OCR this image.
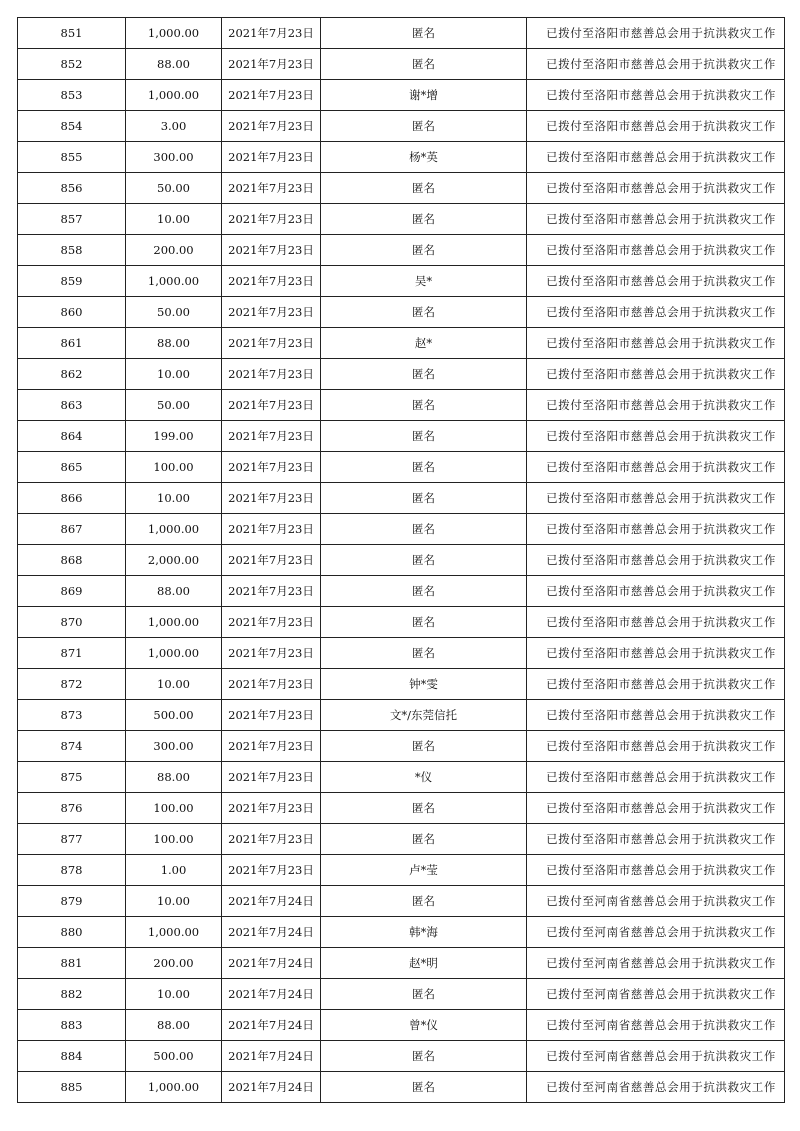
851	1,000.00	2021年7月23日	匿名	已拨付至洛阳市慈善总会用于抗洪救灾工作
852	88.00	2021年7月23日	匿名	已拨付至洛阳市慈善总会用于抗洪救灾工作
853	1,000.00	2021年7月23日	谢*增	已拨付至洛阳市慈善总会用于抗洪救灾工作
854	3.00	2021年7月23日	匿名	已拨付至洛阳市慈善总会用于抗洪救灾工作
855	300.00	2021年7月23日	杨*英	已拨付至洛阳市慈善总会用于抗洪救灾工作
856	50.00	2021年7月23日	匿名	已拨付至洛阳市慈善总会用于抗洪救灾工作
857	10.00	2021年7月23日	匿名	已拨付至洛阳市慈善总会用于抗洪救灾工作
858	200.00	2021年7月23日	匿名	已拨付至洛阳市慈善总会用于抗洪救灾工作
859	1,000.00	2021年7月23日	吴*	已拨付至洛阳市慈善总会用于抗洪救灾工作
860	50.00	2021年7月23日	匿名	已拨付至洛阳市慈善总会用于抗洪救灾工作
861	88.00	2021年7月23日	赵*	已拨付至洛阳市慈善总会用于抗洪救灾工作
862	10.00	2021年7月23日	匿名	已拨付至洛阳市慈善总会用于抗洪救灾工作
863	50.00	2021年7月23日	匿名	已拨付至洛阳市慈善总会用于抗洪救灾工作
864	199.00	2021年7月23日	匿名	已拨付至洛阳市慈善总会用于抗洪救灾工作
865	100.00	2021年7月23日	匿名	已拨付至洛阳市慈善总会用于抗洪救灾工作
866	10.00	2021年7月23日	匿名	已拨付至洛阳市慈善总会用于抗洪救灾工作
867	1,000.00	2021年7月23日	匿名	已拨付至洛阳市慈善总会用于抗洪救灾工作
868	2,000.00	2021年7月23日	匿名	已拨付至洛阳市慈善总会用于抗洪救灾工作
869	88.00	2021年7月23日	匿名	已拨付至洛阳市慈善总会用于抗洪救灾工作
870	1,000.00	2021年7月23日	匿名	已拨付至洛阳市慈善总会用于抗洪救灾工作
871	1,000.00	2021年7月23日	匿名	已拨付至洛阳市慈善总会用于抗洪救灾工作
872	10.00	2021年7月23日	钟*雯	已拨付至洛阳市慈善总会用于抗洪救灾工作
873	500.00	2021年7月23日	文*/东莞信托	已拨付至洛阳市慈善总会用于抗洪救灾工作
874	300.00	2021年7月23日	匿名	已拨付至洛阳市慈善总会用于抗洪救灾工作
875	88.00	2021年7月23日	*仪	已拨付至洛阳市慈善总会用于抗洪救灾工作
876	100.00	2021年7月23日	匿名	已拨付至洛阳市慈善总会用于抗洪救灾工作
877	100.00	2021年7月23日	匿名	已拨付至洛阳市慈善总会用于抗洪救灾工作
878	1.00	2021年7月23日	卢*莹	已拨付至洛阳市慈善总会用于抗洪救灾工作
879	10.00	2021年7月24日	匿名	已拨付至河南省慈善总会用于抗洪救灾工作
880	1,000.00	2021年7月24日	韩*海	已拨付至河南省慈善总会用于抗洪救灾工作
881	200.00	2021年7月24日	赵*明	已拨付至河南省慈善总会用于抗洪救灾工作
882	10.00	2021年7月24日	匿名	已拨付至河南省慈善总会用于抗洪救灾工作
883	88.00	2021年7月24日	曾*仪	已拨付至河南省慈善总会用于抗洪救灾工作
884	500.00	2021年7月24日	匿名	已拨付至河南省慈善总会用于抗洪救灾工作
885	1,000.00	2021年7月24日	匿名	已拨付至河南省慈善总会用于抗洪救灾工作
